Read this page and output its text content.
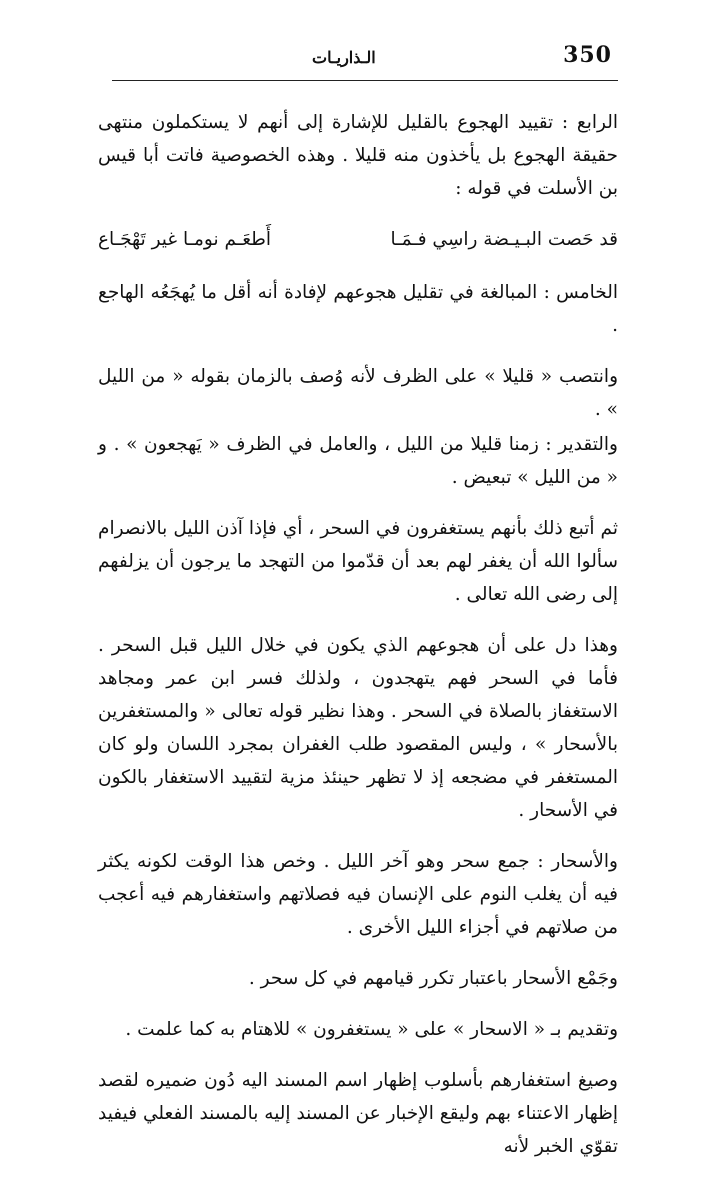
350
الـذاريـات

الرابع : تقييد الهجوع بالقليل للإشارة إلى أنهم لا يستكملون منتهى حقيقة الهجوع بل يأخذون منه قليلا . وهذه الخصوصية فاتت أبا قيس بن الأسلت في قوله :

قد حَصت البـيـضة راسِي فـمَـا
أَطعَـم نومـا غير تَهْجَـاع

الخامس : المبالغة في تقليل هجوعهم لإفادة أنه أقل ما يُهجَعُه الهاجع .

وانتصب « قليلا » على الظرف لأنه وُصف بالزمان بقوله « من الليل » .

والتقدير : زمنا قليلا من الليل ، والعامل في الظرف « يَهجعون » . و « من الليل » تبعيض .

ثم أتبع ذلك بأنهم يستغفرون في السحر ، أي فإذا آذن الليل بالانصرام سألوا الله أن يغفر لهم بعد أن قدّموا من التهجد ما يرجون أن يزلفهم إلى رضى الله تعالى .

وهذا دل على أن هجوعهم الذي يكون في خلال الليل قبل السحر . فأما في السحر فهم يتهجدون ، ولذلك فسر ابن عمر ومجاهد الاستغفاز بالصلاة في السحر . وهذا نظير قوله تعالى « والمستغفرين بالأسحار » ، وليس المقصود طلب الغفران بمجرد اللسان ولو كان المستغفر في مضجعه إذ لا تظهر حينئذ مزية لتقييد الاستغفار بالكون في الأسحار .

والأسحار : جمع سحر وهو آخر الليل . وخص هذا الوقت لكونه يكثر فيه أن يغلب النوم على الإنسان فيه فصلاتهم واستغفارهم فيه أعجب من صلاتهم في أجزاء الليل الأخرى .

وجَمْع الأسحار باعتبار تكرر قيامهم في كل سحر .

وتقديم بـ « الاسحار » على « يستغفرون » للاهتام به كما علمت .

وصيغ استغفارهم بأسلوب إظهار اسم المسند اليه دُون ضميره لقصد إظهار الاعتناء بهم وليقع الإخبار عن المسند إليه بالمسند الفعلي فيفيد تقوّي الخبر لأنه
